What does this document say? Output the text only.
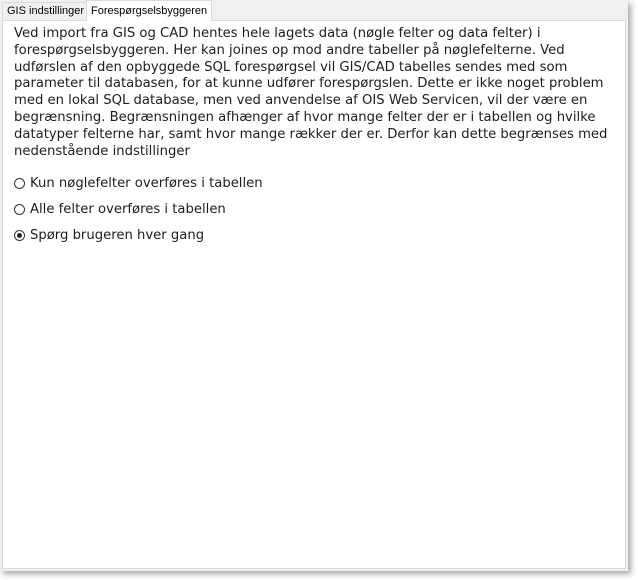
GIS indstillinger Forespørgselsbyggeren

Ved import fra GIS og CAD hentes hele lagets data (nøgle felter og data felter) i forespørgselsbyggeren. Her kan joines op mod andre tabeller på nøglefelterne. Ved udførslen af den opbyggede SQL forespørgsel vil GIS/CAD tabelles sendes med som parameter til databasen, for at kunne udfører forespørgslen. Dette er ikke noget problem med en lokal SQL database, men ved anvendelse af OIS Web Servicen, vil der være en begrænsning. Begrænsningen afhænger af hvor mange felter der er i tabellen og hvilke datatyper felterne har, samt hvor mange rækker der er. Derfor kan dette begrænses med nedenstående indstillinger

Kun nøglefelter overføres i tabellen
Alle felter overføres i tabellen
Spørg brugeren hver gang
